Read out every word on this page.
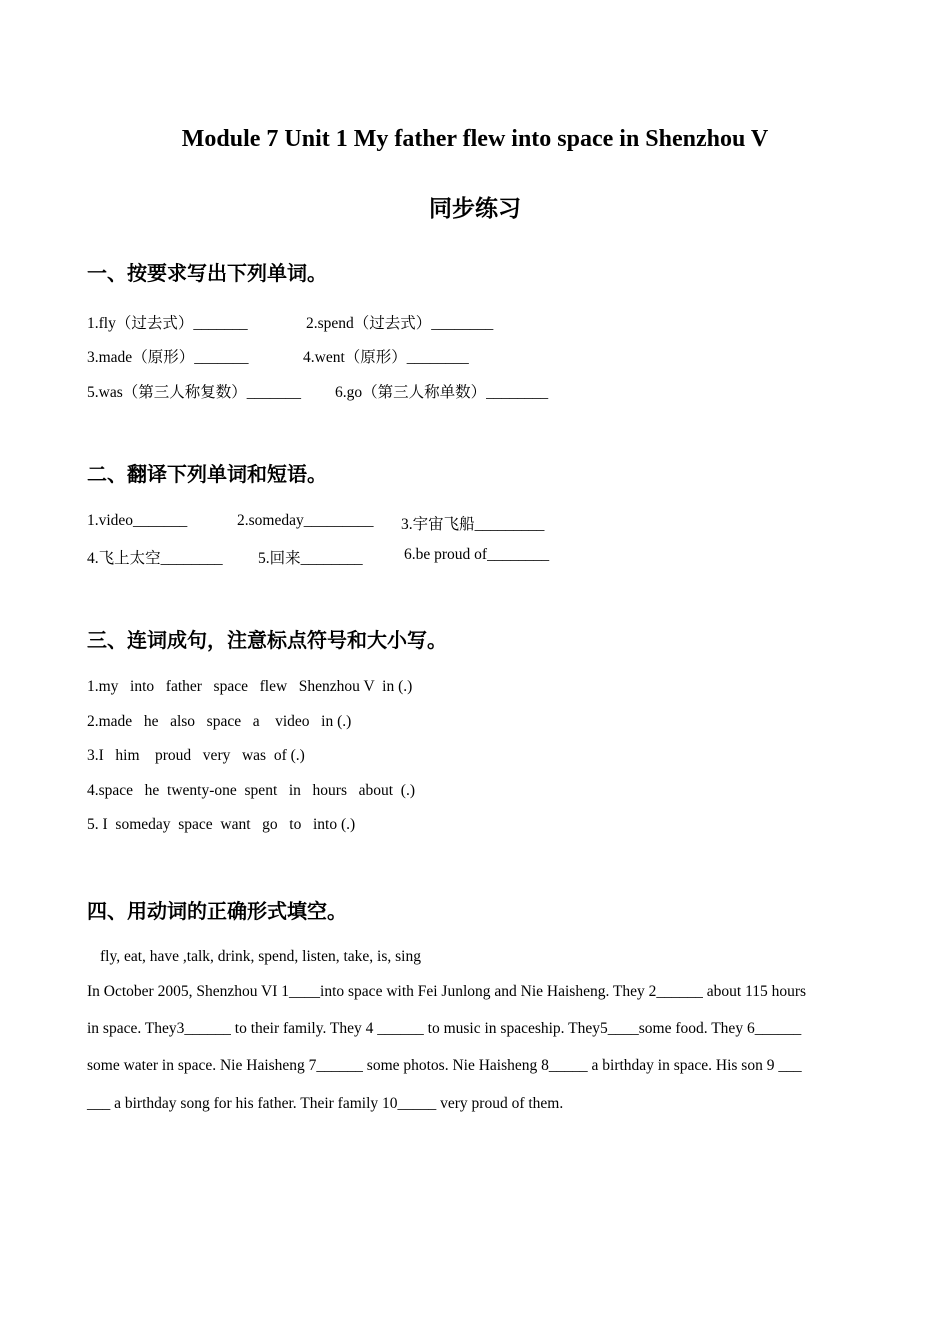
Module 7 Unit 1 My father flew into space in Shenzhou V
同步练习
一、按要求写出下列单词。
1.fly（过去式）_______	2.spend（过去式）________
3.made（原形）_______	4.went（原形）________
5.was（第三人称复数）_______ 6.go（第三人称单数）________
二、翻译下列单词和短语。
1.video_______	2.someday_________ 3.宇宙飞船_________
4.飞上太空________ 5.回来________	6.be proud of________
三、连词成句，注意标点符号和大小写。
1.my   into   father   space   flew   Shenzhou V  in (.)
2.made   he   also   space   a    video   in (.)
3.I   him    proud   very   was  of (.)
4.space   he  twenty-one  spent   in   hours   about  (.)
5. I  someday  space  want   go   to   into (.)
四、用动词的正确形式填空。
fly, eat, have ,talk, drink, spend, listen, take, is, sing
In October 2005, Shenzhou VI 1____into space with Fei Junlong and Nie Haisheng. They 2______ about 115 hours
in space. They3______ to their family. They 4 ______ to music in spaceship. They5____some food. They 6______
some water in space. Nie Haisheng 7______ some photos. Nie Haisheng 8_____ a birthday in space. His son 9 ___
___ a birthday song for his father. Their family 10_____ very proud of them.
